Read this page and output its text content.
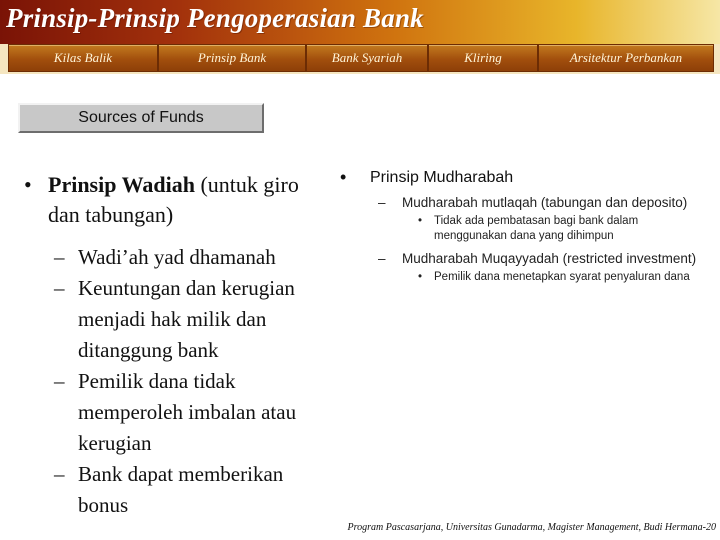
Prinsip-Prinsip Pengoperasian Bank
Kilas Balik	Prinsip Bank	Bank Syariah	Kliring	Arsitektur Perbankan
Sources of Funds
• Prinsip Wadiah (untuk giro dan tabungan)
– Wadi’ah yad dhamanah
– Keuntungan dan kerugian menjadi hak milik dan ditanggung bank
– Pemilik dana tidak memperoleh imbalan atau kerugian
– Bank dapat memberikan bonus
• Prinsip Mudharabah
– Mudharabah mutlaqah (tabungan dan deposito)
• Tidak ada pembatasan bagi bank dalam menggunakan dana yang dihimpun
– Mudharabah Muqayyadah (restricted investment)
• Pemilik dana menetapkan syarat penyaluran dana
Program Pascasarjana, Universitas Gunadarma, Magister Management, Budi Hermana-20
